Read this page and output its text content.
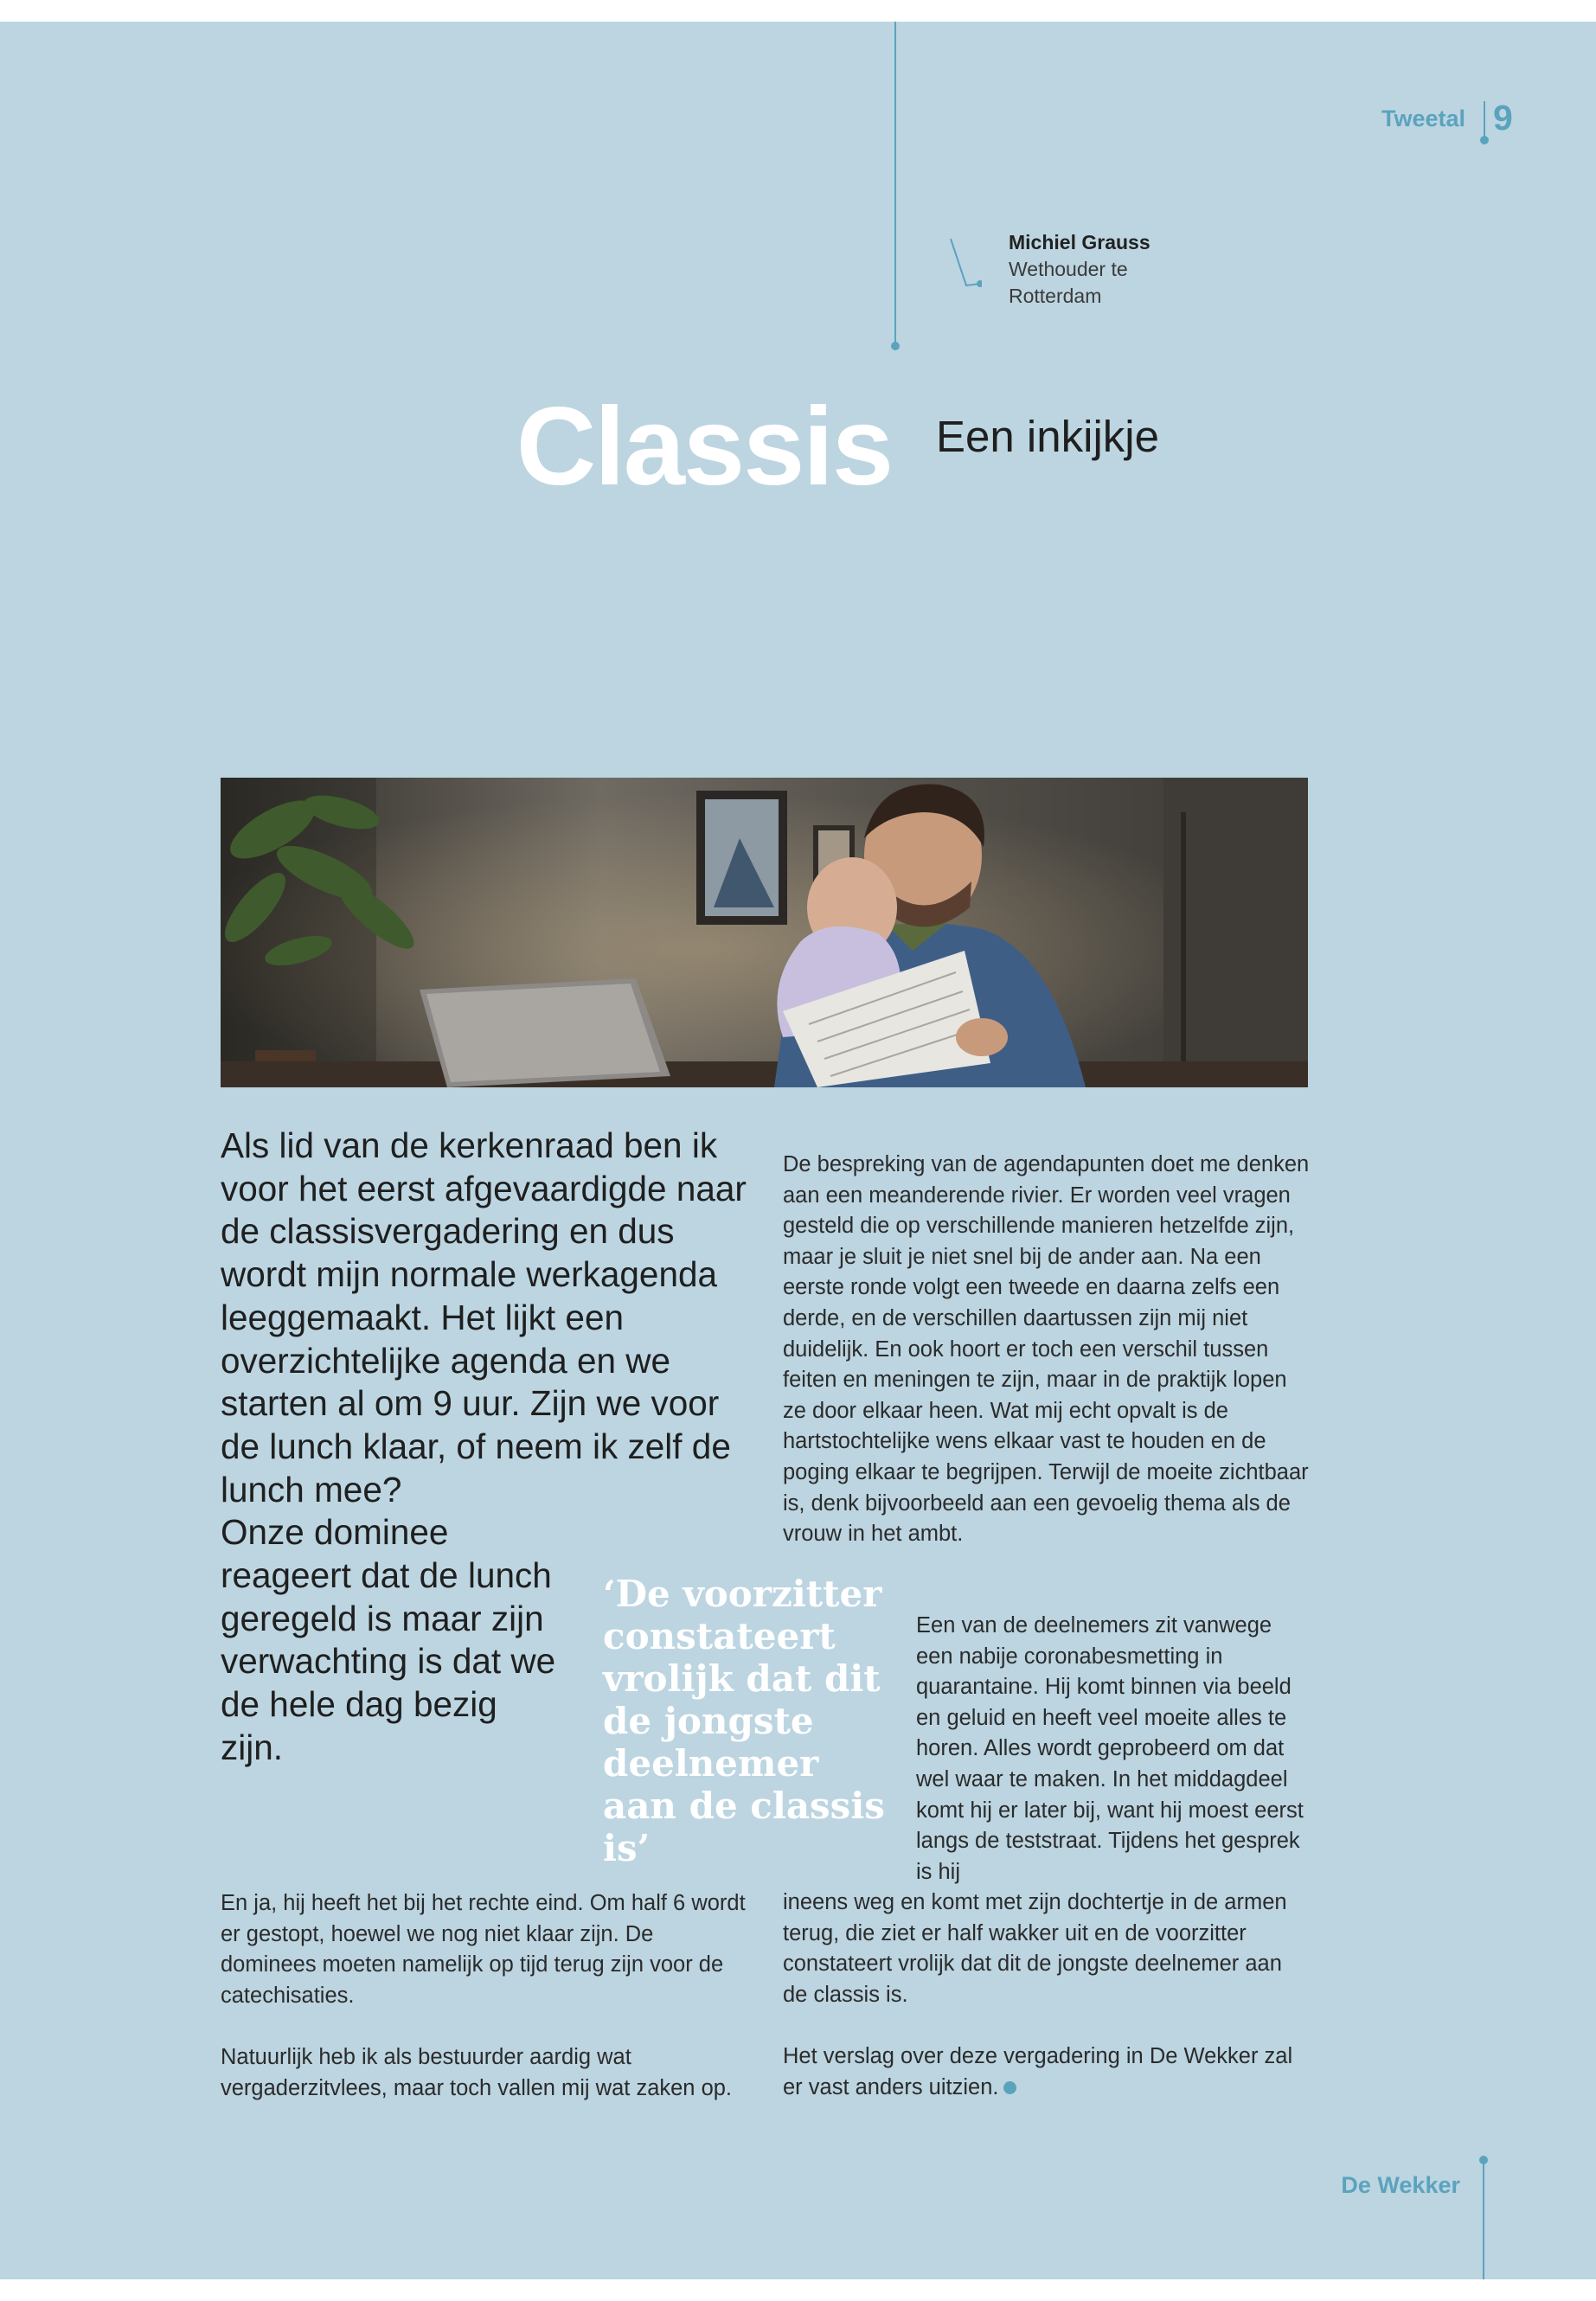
Tweetal 9
Michiel Grauss
Wethouder te
Rotterdam
Classis Een inkijkje
Als lid van de kerkenraad ben ik voor het eerst afgevaardigde naar de classisvergadering en dus wordt mijn normale werkagenda leeggemaakt. Het lijkt een overzichtelijke agenda en we starten al om 9 uur. Zijn we voor de lunch klaar, of neem ik zelf de lunch mee?
Onze dominee reageert dat de lunch geregeld is maar zijn verwachting is dat we de hele dag bezig zijn.

‘De voorzitter constateert vrolijk dat dit de jongste deelnemer aan de classis is’

En ja, hij heeft het bij het rechte eind. Om half 6 wordt er gestopt, hoewel we nog niet klaar zijn. De dominees moeten namelijk op tijd terug zijn voor de catechisaties.

Natuurlijk heb ik als bestuurder aardig wat vergaderzitvlees, maar toch vallen mij wat zaken op.

De bespreking van de agendapunten doet me denken aan een meanderende rivier. Er worden veel vragen gesteld die op verschillende manieren hetzelfde zijn, maar je sluit je niet snel bij de ander aan. Na een eerste ronde volgt een tweede en daarna zelfs een derde, en de verschillen daartussen zijn mij niet duidelijk. En ook hoort er toch een verschil tussen feiten en meningen te zijn, maar in de praktijk lopen ze door elkaar heen. Wat mij echt opvalt is de hartstochtelijke wens elkaar vast te houden en de poging elkaar te begrijpen. Terwijl de moeite zichtbaar is, denk bijvoorbeeld aan een gevoelig thema als de vrouw in het ambt.

Een van de deelnemers zit vanwege een nabije coronabesmetting in quarantaine. Hij komt binnen via beeld en geluid en heeft veel moeite alles te horen. Alles wordt geprobeerd om dat wel waar te maken. In het middagdeel komt hij er later bij, want hij moest eerst langs de teststraat. Tijdens het gesprek is hij

ineens weg en komt met zijn dochtertje in de armen terug, die ziet er half wakker uit en de voorzitter constateert vrolijk dat dit de jongste deelnemer aan de classis is.

Het verslag over deze vergadering in De Wekker zal er vast anders uitzien.

De Wekker
